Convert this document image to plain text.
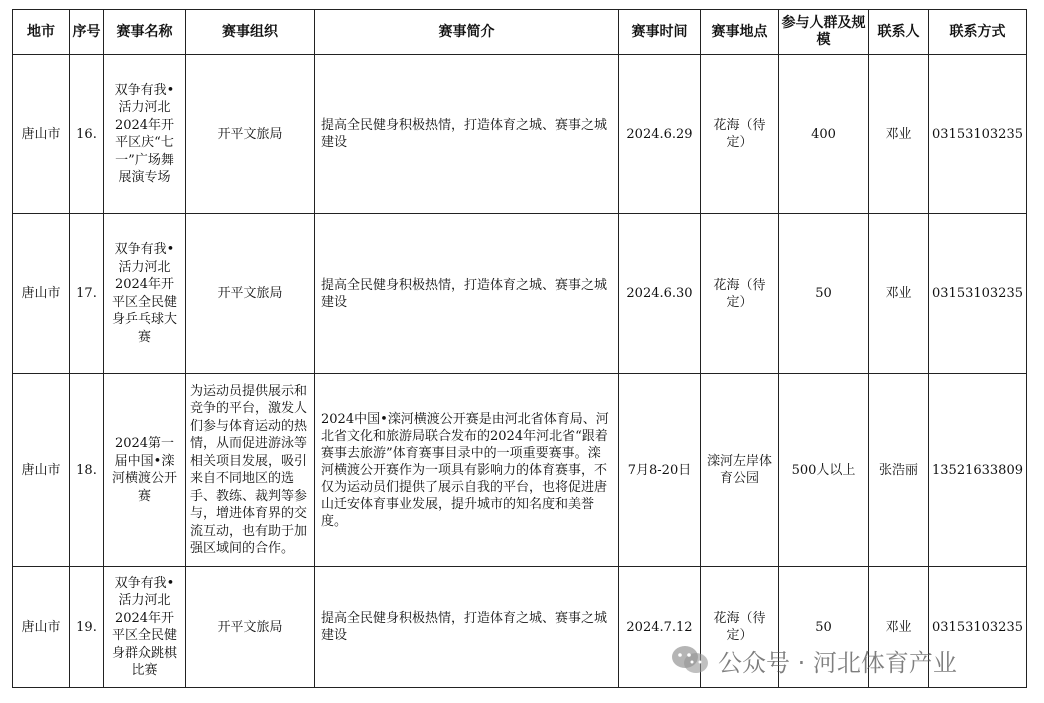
地市	序号	赛事名称	赛事组织	赛事简介	赛事时间	赛事地点	参与人群及规模	联系人	联系方式
唐山市	16.	双争有我•活力河北2024年开平区庆“七一”广场舞展演专场	开平文旅局	提高全民健身积极热情，打造体育之城、赛事之城建设	2024.6.29	花海（待定）	400	邓业	03153103235
唐山市	17.	双争有我•活力河北2024年开平区全民健身乒乓球大赛	开平文旅局	提高全民健身积极热情，打造体育之城、赛事之城建设	2024.6.30	花海（待定）	50	邓业	03153103235
唐山市	18.	2024第一届中国•滦河横渡公开赛	为运动员提供展示和竞争的平台，激发人们参与体育运动的热情，从而促进游泳等相关项目发展，吸引来自不同地区的选手、教练、裁判等参与，增进体育界的交流互动，也有助于加强区域间的合作。	2024中国•滦河横渡公开赛是由河北省体育局、河北省文化和旅游局联合发布的2024年河北省“跟着赛事去旅游”体育赛事目录中的一项重要赛事。滦河横渡公开赛作为一项具有影响力的体育赛事，不仅为运动员们提供了展示自我的平台，也将促进唐山迁安体育事业发展，提升城市的知名度和美誉度。	7月8-20日	滦河左岸体育公园	500人以上	张浩丽	13521633809
唐山市	19.	双争有我•活力河北2024年开平区全民健身群众跳棋比赛	开平文旅局	提高全民健身积极热情，打造体育之城、赛事之城建设	2024.7.12	花海（待定）	50	邓业	03153103235
公众号 · 河北体育产业
